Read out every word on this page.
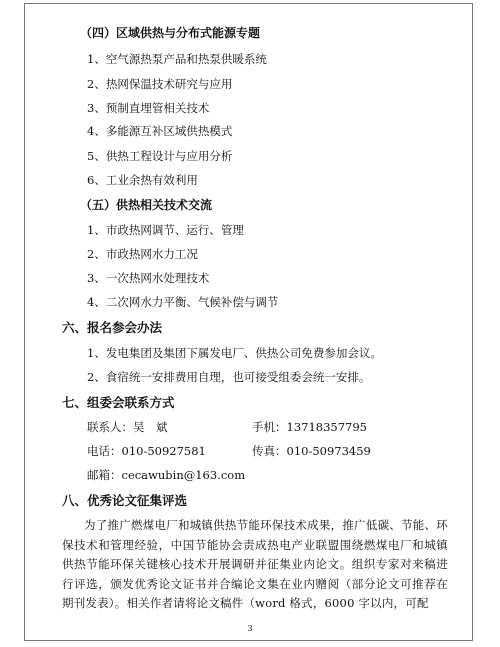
（四）区域供热与分布式能源专题
1、空气源热泵产品和热泵供暖系统
2、热网保温技术研究与应用
3、预制直埋管相关技术
4、多能源互补区域供热模式
5、供热工程设计与应用分析
6、工业余热有效利用
（五）供热相关技术交流
1、市政热网调节、运行、管理
2、市政热网水力工况
3、一次热网水处理技术
4、二次网水力平衡、气候补偿与调节
六、报名参会办法
1、发电集团及集团下属发电厂、供热公司免费参加会议。
2、食宿统一安排费用自理，也可接受组委会统一安排。
七、组委会联系方式
联系人：吴　斌	手机：13718357795
电话：010-50927581	传真：010-50973459
邮箱：cecawubin@163.com
八、优秀论文征集评选
为了推广燃煤电厂和城镇供热节能环保技术成果，推广低碳、节能、环保技术和管理经验，中国节能协会责成热电产业联盟围绕燃煤电厂和城镇供热节能环保关键核心技术开展调研并征集业内论文。组织专家对来稿进行评选，颁发优秀论文证书并合编论文集在业内赠阅（部分论文可推荐在期刊发表）。相关作者请将论文稿件（word 格式，6000 字以内，可配
3
